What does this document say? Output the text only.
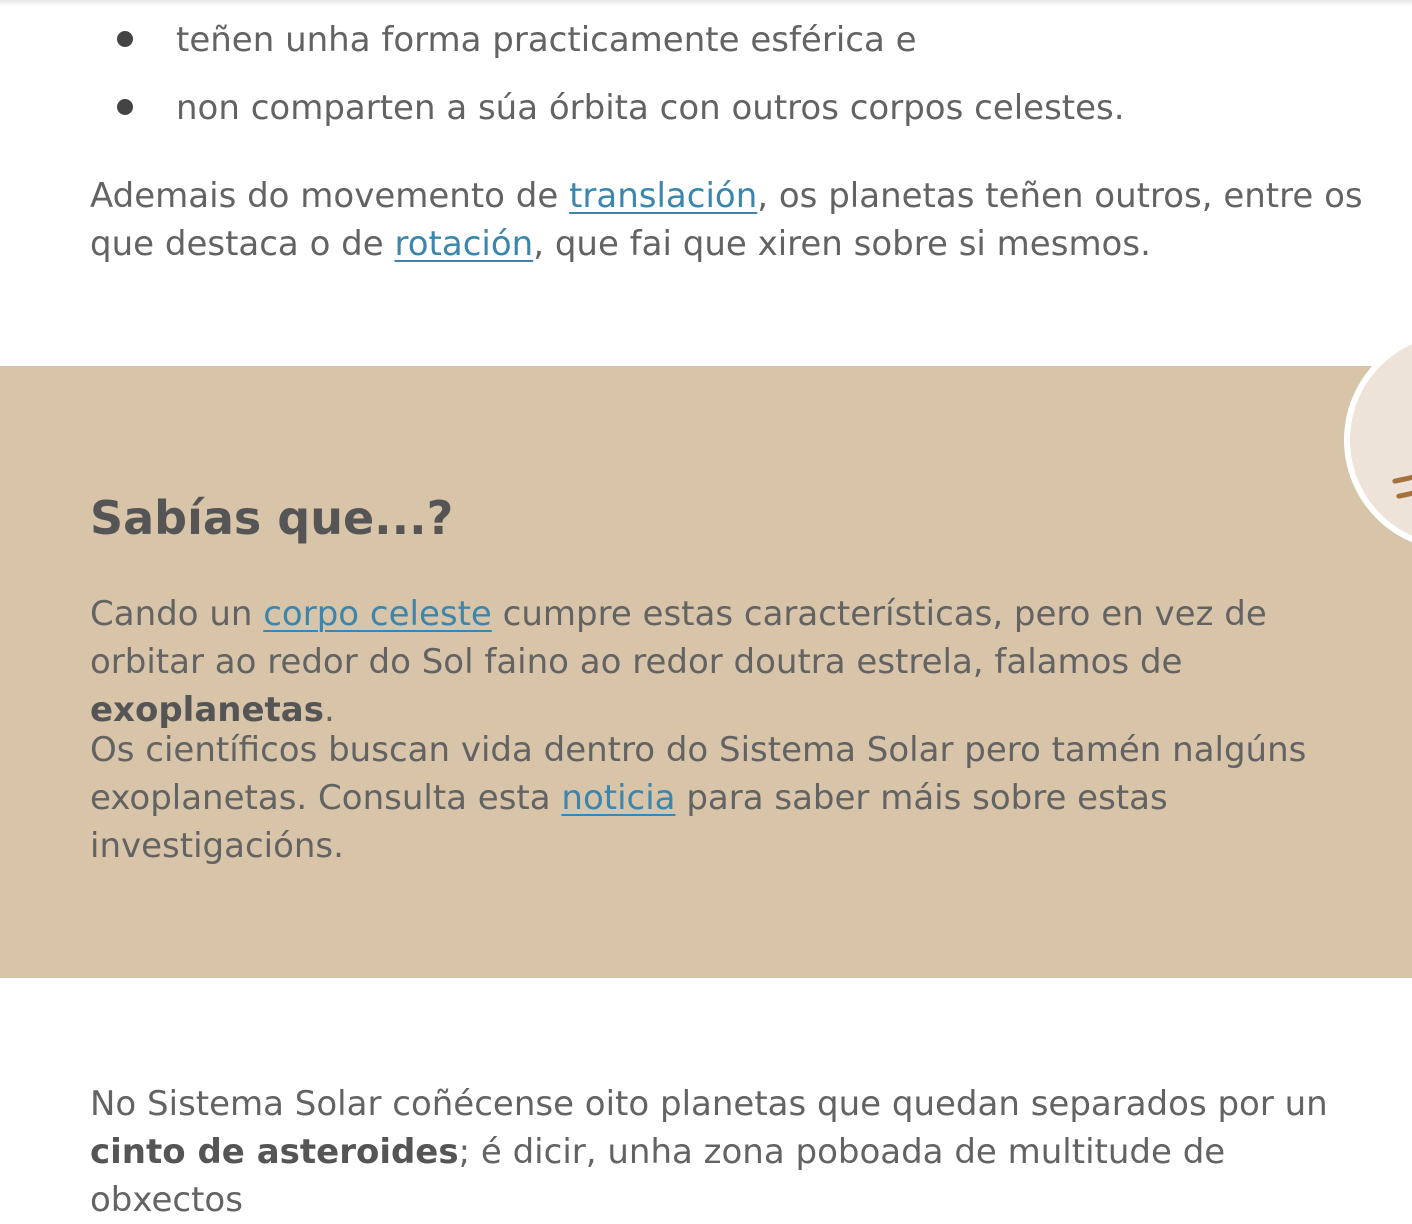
teñen unha forma practicamente esférica e
non comparten a súa órbita con outros corpos celestes.

Ademais do movemento de translación, os planetas teñen outros, entre os que destaca o de rotación, que fai que xiren sobre si mesmos.

Sabías que...?

Cando un corpo celeste cumpre estas características, pero en vez de orbitar ao redor do Sol faino ao redor doutra estrela, falamos de exoplanetas.

Os científicos buscan vida dentro do Sistema Solar pero tamén nalgúns exoplanetas. Consulta esta noticia para saber máis sobre estas investigacións.

No Sistema Solar coñécense oito planetas que quedan separados por un cinto de asteroides; é dicir, unha zona poboada de multitude de obxectos
